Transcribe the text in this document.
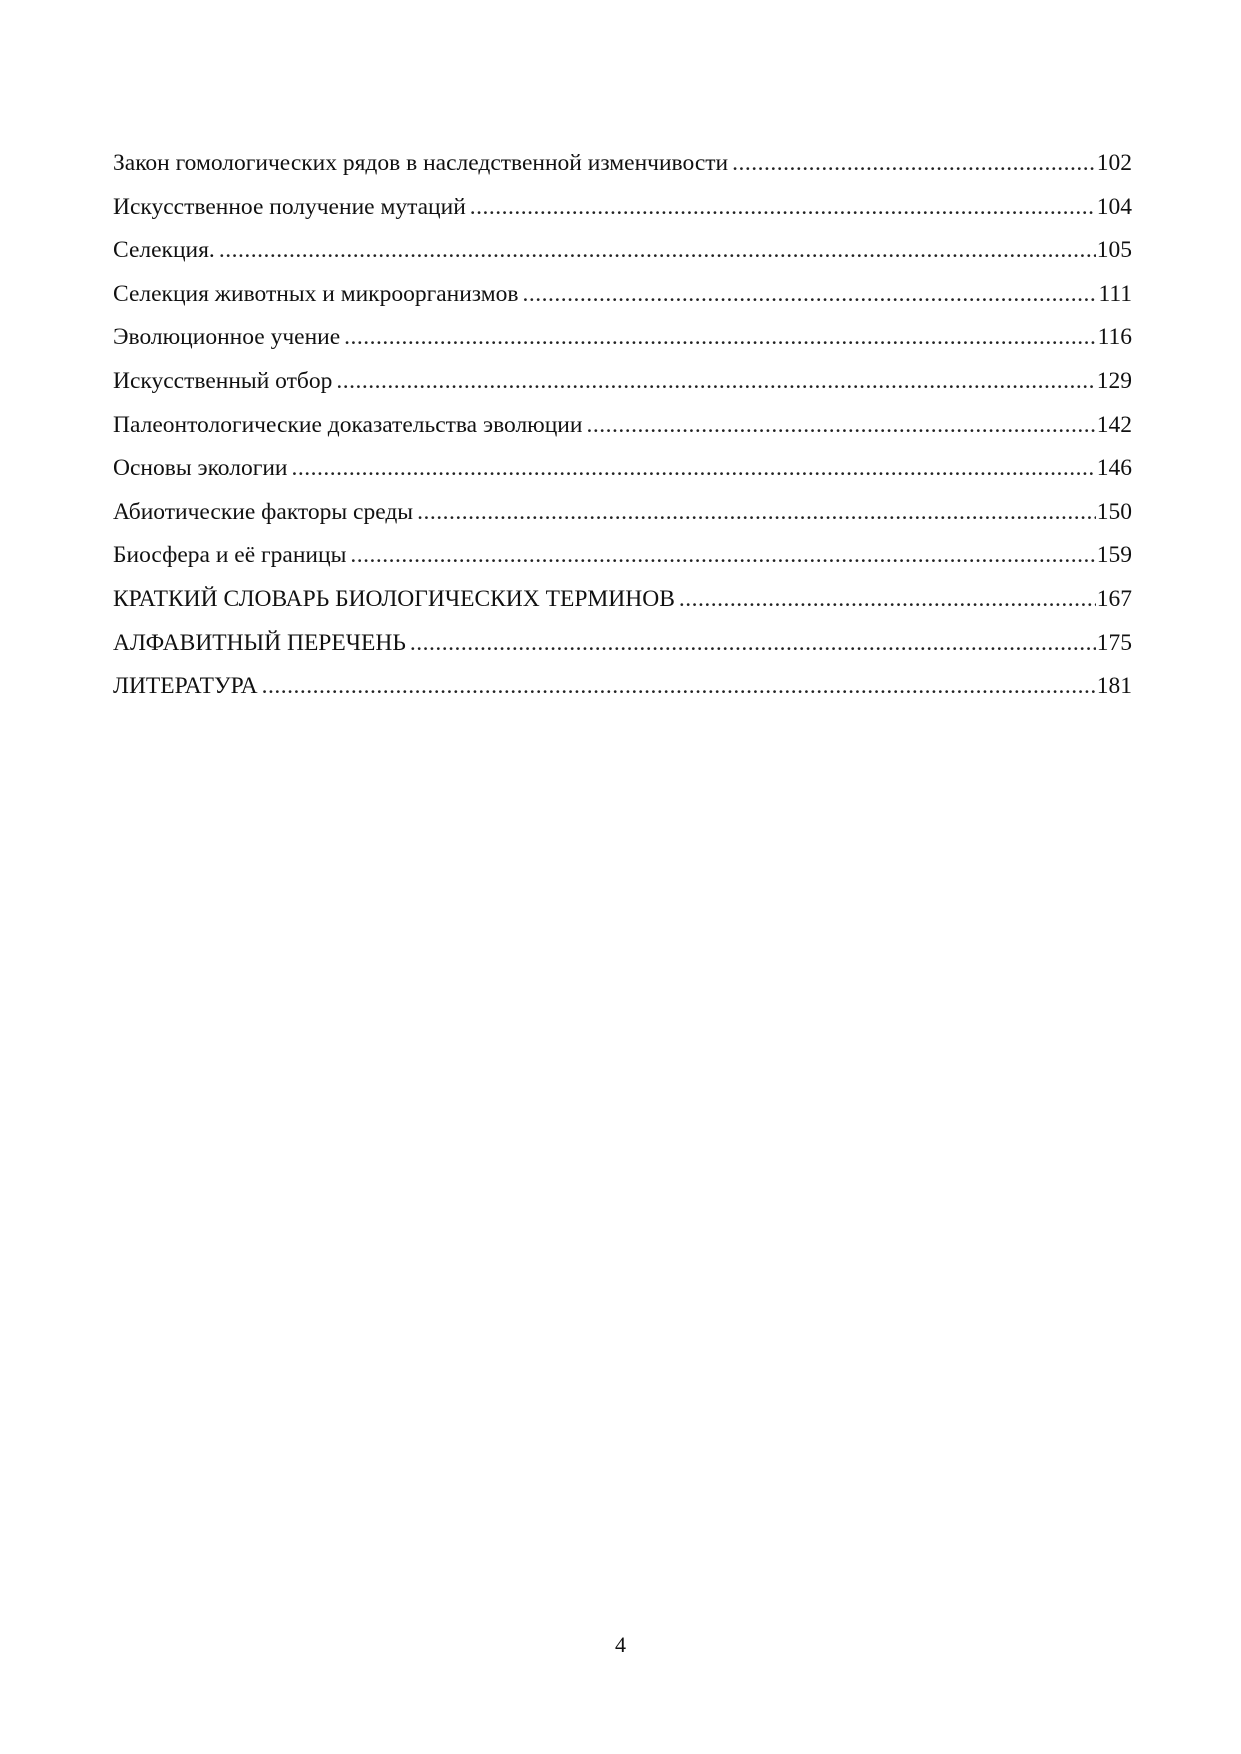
Закон гомологических рядов в наследственной изменчивости .....	102
Искусственное получение мутаций .....	104
Селекция. .....	105
Селекция животных и микроорганизмов .....	111
Эволюционное учение .....	116
Искусственный отбор .....	129
Палеонтологические доказательства эволюции .....	142
Основы экологии .....	146
Абиотические факторы среды .....	150
Биосфера и её границы .....	159
КРАТКИЙ СЛОВАРЬ БИОЛОГИЧЕСКИХ ТЕРМИНОВ .....	167
АЛФАВИТНЫЙ ПЕРЕЧЕНЬ .....	175
ЛИТЕРАТУРА .....	181
4
